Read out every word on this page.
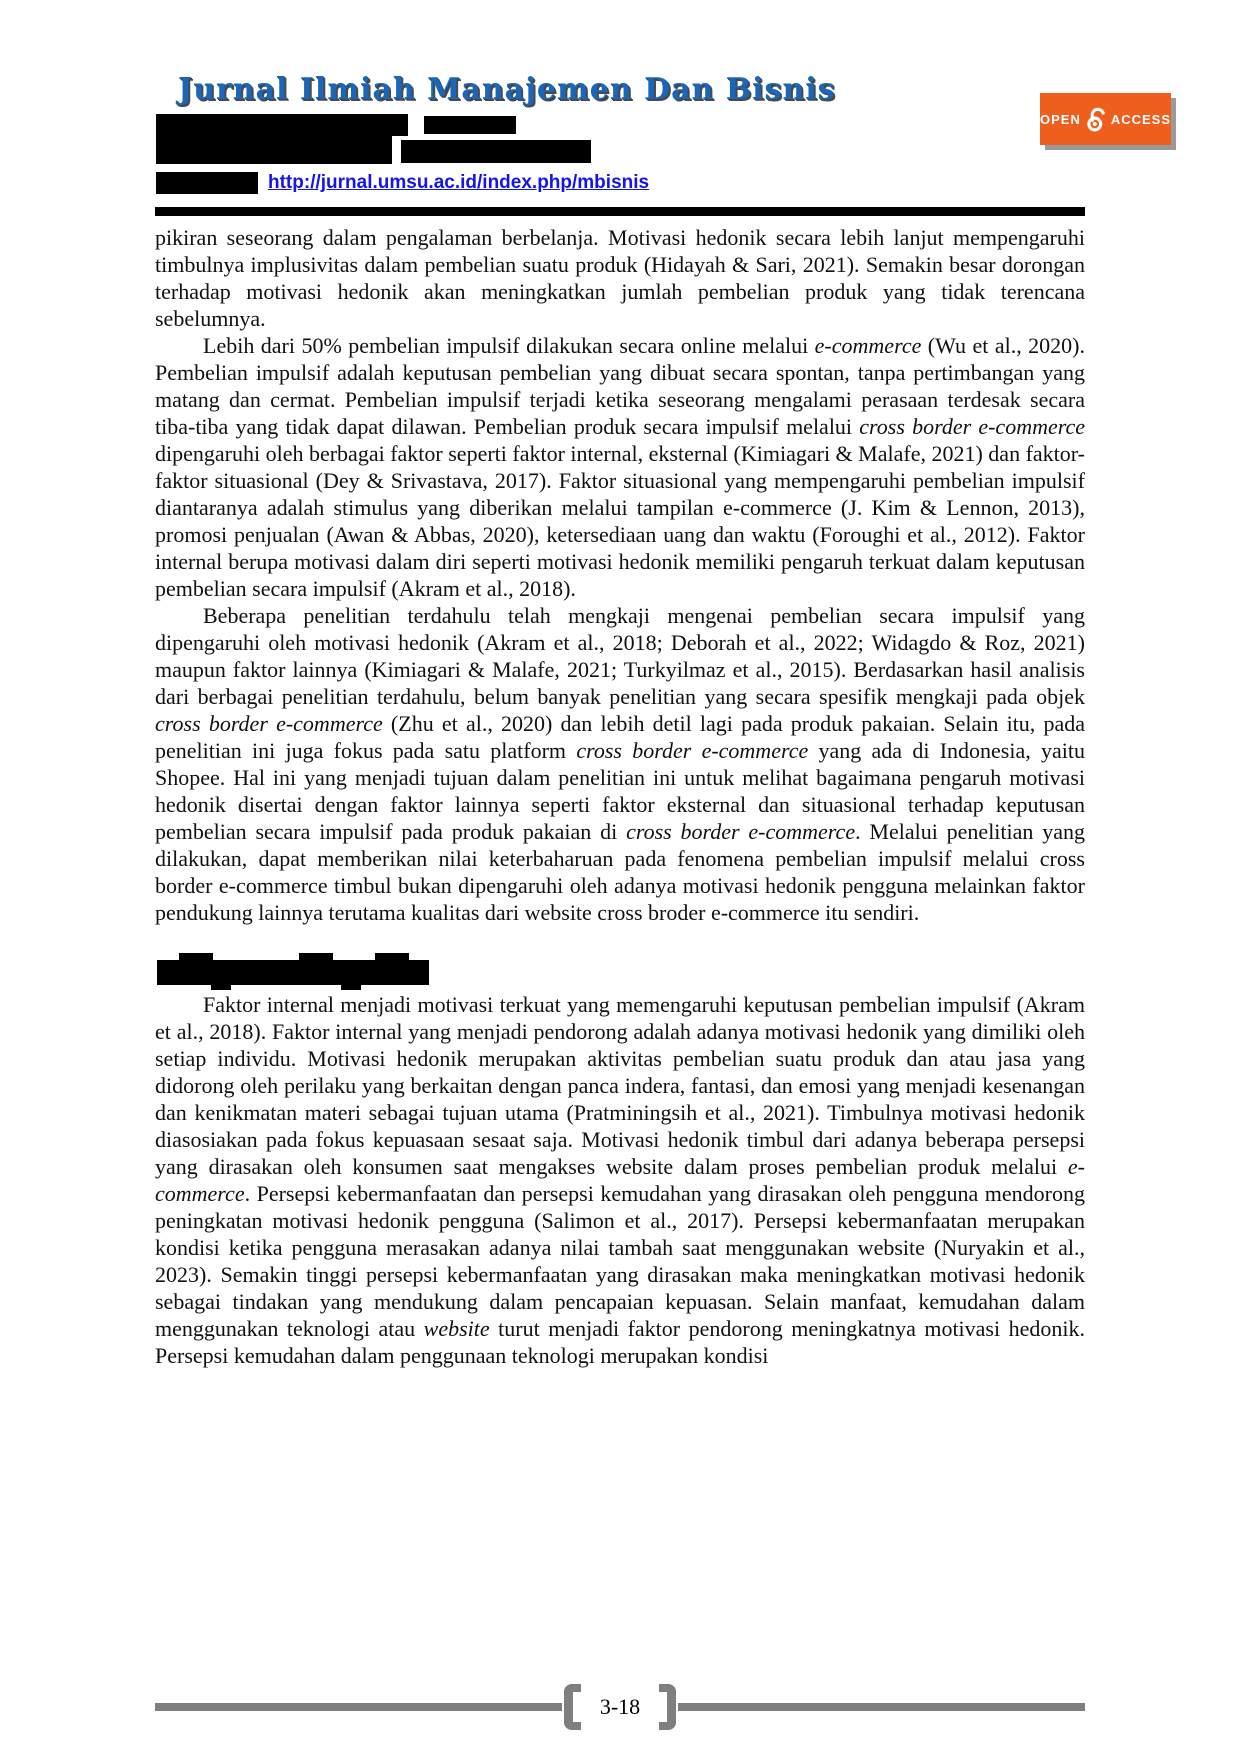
Jurnal Ilmiah Manajemen Dan Bisnis
http://jurnal.umsu.ac.id/index.php/mbisnis
OPEN ACCESS

pikiran seseorang dalam pengalaman berbelanja. Motivasi hedonik secara lebih lanjut mempengaruhi timbulnya implusivitas dalam pembelian suatu produk (Hidayah & Sari, 2021). Semakin besar dorongan terhadap motivasi hedonik akan meningkatkan jumlah pembelian produk yang tidak terencana sebelumnya.

Lebih dari 50% pembelian impulsif dilakukan secara online melalui e-commerce (Wu et al., 2020). Pembelian impulsif adalah keputusan pembelian yang dibuat secara spontan, tanpa pertimbangan yang matang dan cermat. Pembelian impulsif terjadi ketika seseorang mengalami perasaan terdesak secara tiba-tiba yang tidak dapat dilawan. Pembelian produk secara impulsif melalui cross border e-commerce dipengaruhi oleh berbagai faktor seperti faktor internal, eksternal (Kimiagari & Malafe, 2021) dan faktor-faktor situasional (Dey & Srivastava, 2017). Faktor situasional yang mempengaruhi pembelian impulsif diantaranya adalah stimulus yang diberikan melalui tampilan e-commerce (J. Kim & Lennon, 2013), promosi penjualan (Awan & Abbas, 2020), ketersediaan uang dan waktu (Foroughi et al., 2012). Faktor internal berupa motivasi dalam diri seperti motivasi hedonik memiliki pengaruh terkuat dalam keputusan pembelian secara impulsif (Akram et al., 2018).

Beberapa penelitian terdahulu telah mengkaji mengenai pembelian secara impulsif yang dipengaruhi oleh motivasi hedonik (Akram et al., 2018; Deborah et al., 2022; Widagdo & Roz, 2021) maupun faktor lainnya (Kimiagari & Malafe, 2021; Turkyilmaz et al., 2015). Berdasarkan hasil analisis dari berbagai penelitian terdahulu, belum banyak penelitian yang secara spesifik mengkaji pada objek cross border e-commerce (Zhu et al., 2020) dan lebih detil lagi pada produk pakaian. Selain itu, pada penelitian ini juga fokus pada satu platform cross border e-commerce yang ada di Indonesia, yaitu Shopee. Hal ini yang menjadi tujuan dalam penelitian ini untuk melihat bagaimana pengaruh motivasi hedonik disertai dengan faktor lainnya seperti faktor eksternal dan situasional terhadap keputusan pembelian secara impulsif pada produk pakaian di cross border e-commerce. Melalui penelitian yang dilakukan, dapat memberikan nilai keterbaharuan pada fenomena pembelian impulsif melalui cross border e-commerce timbul bukan dipengaruhi oleh adanya motivasi hedonik pengguna melainkan faktor pendukung lainnya terutama kualitas dari website cross broder e-commerce itu sendiri.

Faktor internal menjadi motivasi terkuat yang memengaruhi keputusan pembelian impulsif (Akram et al., 2018). Faktor internal yang menjadi pendorong adalah adanya motivasi hedonik yang dimiliki oleh setiap individu. Motivasi hedonik merupakan aktivitas pembelian suatu produk dan atau jasa yang didorong oleh perilaku yang berkaitan dengan panca indera, fantasi, dan emosi yang menjadi kesenangan dan kenikmatan materi sebagai tujuan utama (Pratminingsih et al., 2021). Timbulnya motivasi hedonik diasosiakan pada fokus kepuasaan sesaat saja. Motivasi hedonik timbul dari adanya beberapa persepsi yang dirasakan oleh konsumen saat mengakses website dalam proses pembelian produk melalui e-commerce. Persepsi kebermanfaatan dan persepsi kemudahan yang dirasakan oleh pengguna mendorong peningkatan motivasi hedonik pengguna (Salimon et al., 2017). Persepsi kebermanfaatan merupakan kondisi ketika pengguna merasakan adanya nilai tambah saat menggunakan website (Nuryakin et al., 2023). Semakin tinggi persepsi kebermanfaatan yang dirasakan maka meningkatkan motivasi hedonik sebagai tindakan yang mendukung dalam pencapaian kepuasan. Selain manfaat, kemudahan dalam menggunakan teknologi atau website turut menjadi faktor pendorong meningkatnya motivasi hedonik. Persepsi kemudahan dalam penggunaan teknologi merupakan kondisi

3-18
